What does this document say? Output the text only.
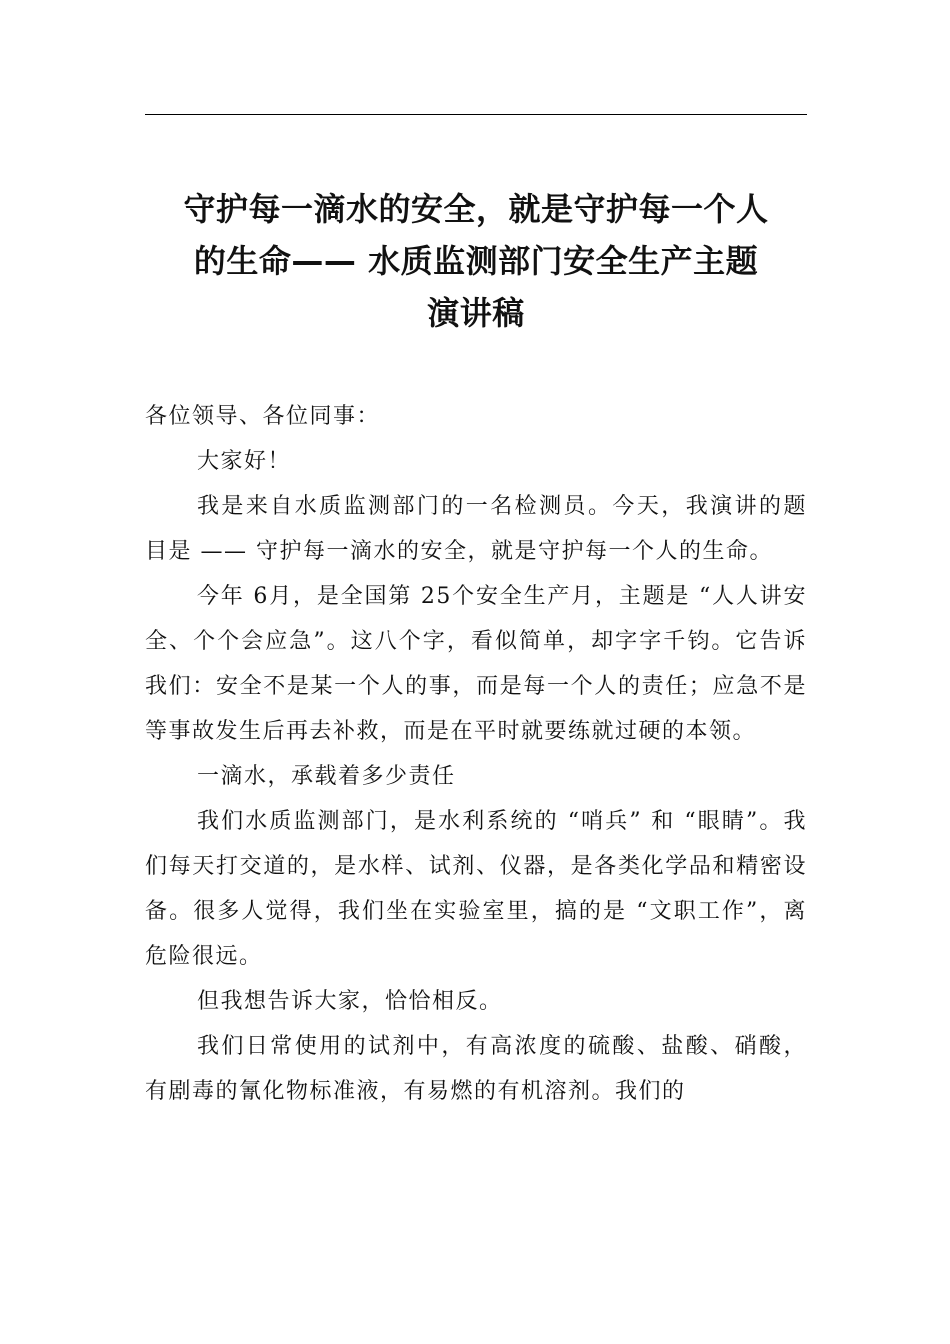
守护每一滴水的安全，就是守护每一个人
的生命—— 水质监测部门安全生产主题
演讲稿

各位领导、各位同事：

大家好！

我是来自水质监测部门的一名检测员。今天，我演讲的题目是 —— 守护每一滴水的安全，就是守护每一个人的生命。

今年 6月，是全国第 25个安全生产月，主题是 “人人讲安全、个个会应急”。这八个字，看似简单，却字字千钧。它告诉我们：安全不是某一个人的事，而是每一个人的责任；应急不是等事故发生后再去补救，而是在平时就要练就过硬的本领。

一滴水，承载着多少责任

我们水质监测部门，是水利系统的 “哨兵” 和 “眼睛”。我们每天打交道的，是水样、试剂、仪器，是各类化学品和精密设备。很多人觉得，我们坐在实验室里，搞的是 “文职工作”，离危险很远。

但我想告诉大家，恰恰相反。

我们日常使用的试剂中，有高浓度的硫酸、盐酸、硝酸，有剧毒的氰化物标准液，有易燃的有机溶剂。我们的
